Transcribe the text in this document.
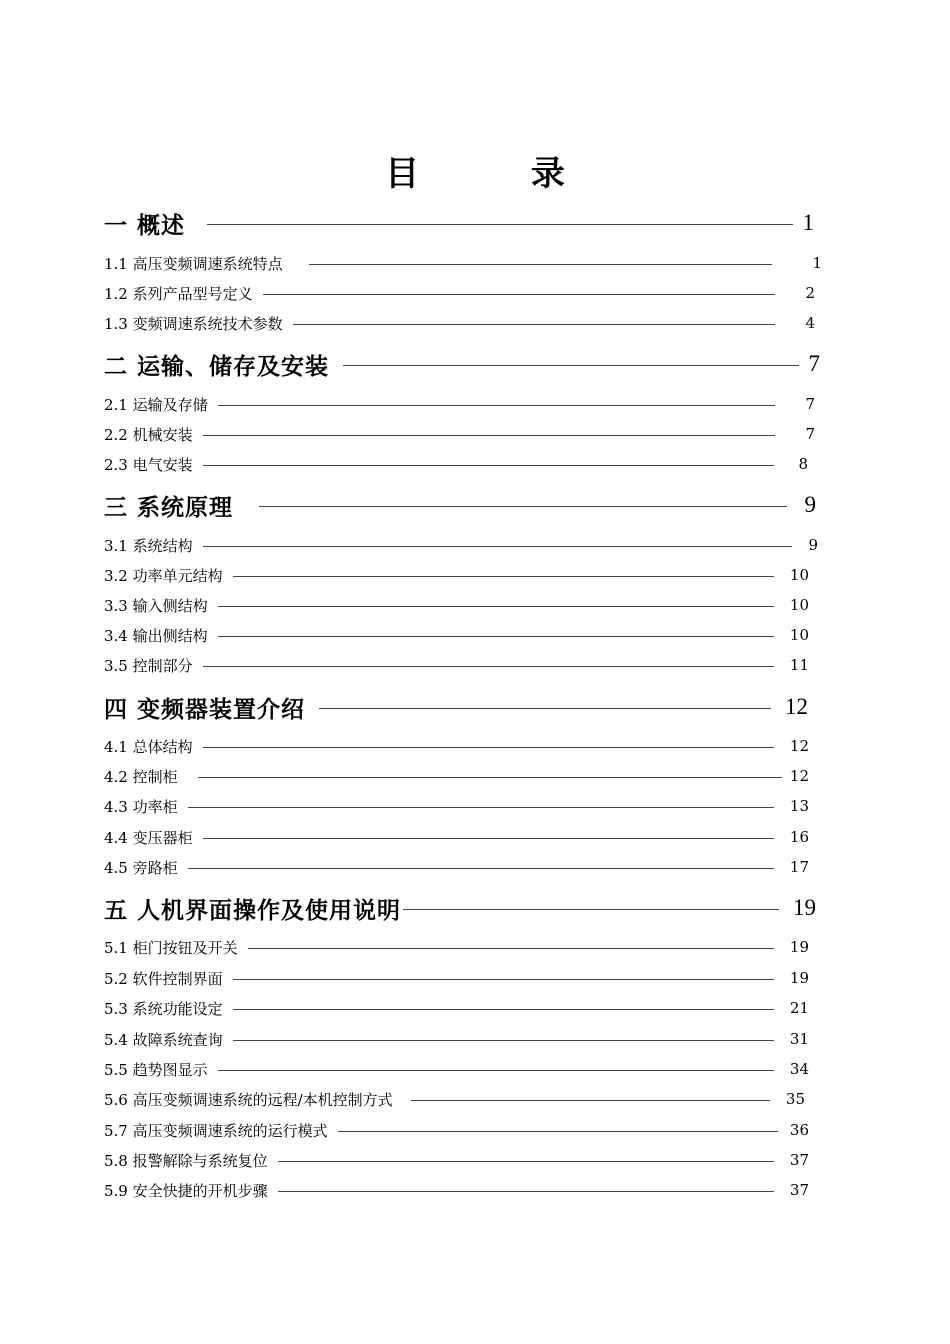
目 录
一 概述	1
1.1 高压变频调速系统特点	1
1.2 系列产品型号定义	2
1.3 变频调速系统技术参数	4
二 运输、储存及安装	7
2.1 运输及存储	7
2.2 机械安装	7
2.3 电气安装	8
三 系统原理	9
3.1 系统结构	9
3.2 功率单元结构	10
3.3 输入侧结构	10
3.4 输出侧结构	10
3.5 控制部分	11
四 变频器装置介绍	12
4.1 总体结构	12
4.2 控制柜	12
4.3 功率柜	13
4.4 变压器柜	16
4.5 旁路柜	17
五 人机界面操作及使用说明	19
5.1 柜门按钮及开关	19
5.2 软件控制界面	19
5.3 系统功能设定	21
5.4 故障系统查询	31
5.5 趋势图显示	34
5.6 高压变频调速系统的远程/本机控制方式	35
5.7 高压变频调速系统的运行模式	36
5.8 报警解除与系统复位	37
5.9 安全快捷的开机步骤	37
